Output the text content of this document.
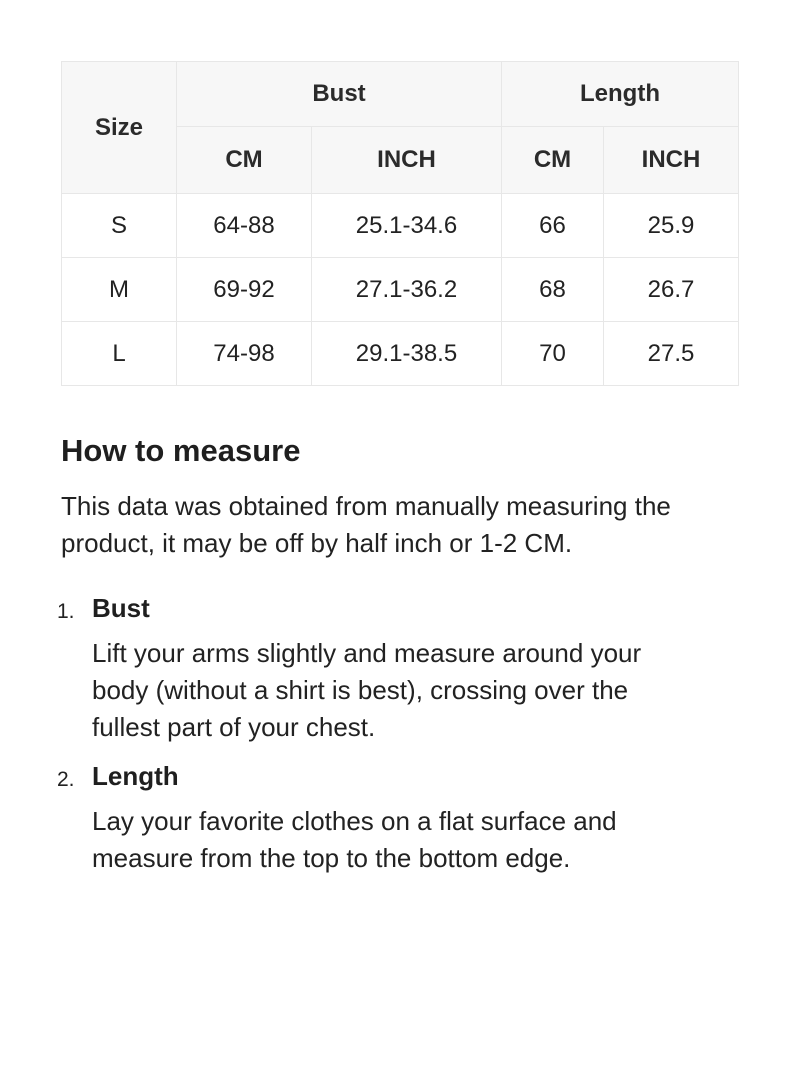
Size	Bust		Length	
	CM	INCH	CM	INCH
S	64-88	25.1-34.6	66	25.9
M	69-92	27.1-36.2	68	26.7
L	74-98	29.1-38.5	70	27.5
How to measure
This data was obtained from manually measuring the
product, it may be off by half inch or 1-2 CM.
1. Bust
Lift your arms slightly and measure around your
body (without a shirt is best), crossing over the
fullest part of your chest.
2. Length
Lay your favorite clothes on a flat surface and
measure from the top to the bottom edge.
